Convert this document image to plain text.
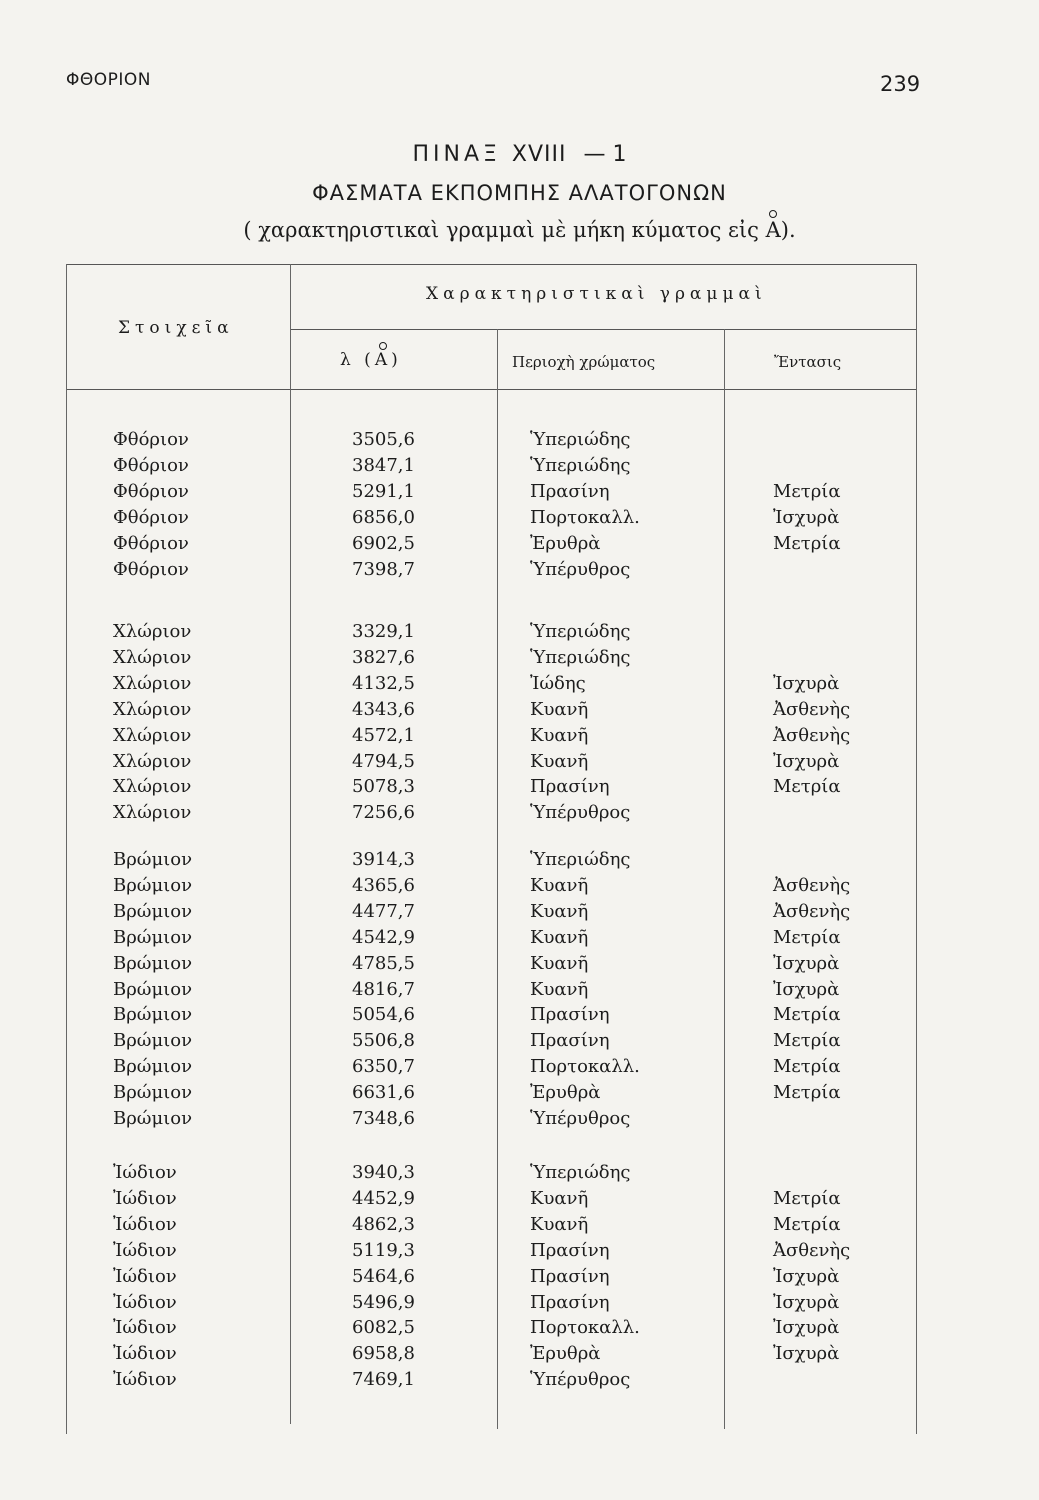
ΦΘΟΡΙΟΝ	239
ΠΙΝΑΞ XVIII — 1
ΦΑΣΜΑΤΑ ΕΚΠΟΜΠΗΣ ΑΛΑΤΟΓΟΝΩΝ
( χαρακτηριστικαὶ γραμμαὶ μὲ μήκη κύματος εἰς A).
Στοιχεῖα
Χαρακτηριστικαὶ γραμμαὶ
λ (A)	Περιοχὴ χρώματος	Ἔντασις
Φθόριον	3505,6	Ὑπεριώδης
Φθόριον	3847,1	Ὑπεριώδης
Φθόριον	5291,1	Πρασίνη	Μετρία
Φθόριον	6856,0	Πορτοκαλλ.	Ἰσχυρὰ
Φθόριον	6902,5	Ἐρυθρὰ	Μετρία
Φθόριον	7398,7	Ὑπέρυθρος
Χλώριον	3329,1	Ὑπεριώδης
Χλώριον	3827,6	Ὑπεριώδης
Χλώριον	4132,5	Ἰώδης	Ἰσχυρὰ
Χλώριον	4343,6	Κυανῆ	Ἀσθενὴς
Χλώριον	4572,1	Κυανῆ	Ἀσθενὴς
Χλώριον	4794,5	Κυανῆ	Ἰσχυρὰ
Χλώριον	5078,3	Πρασίνη	Μετρία
Χλώριον	7256,6	Ὑπέρυθρος
Βρώμιον	3914,3	Ὑπεριώδης
Βρώμιον	4365,6	Κυανῆ	Ἀσθενὴς
Βρώμιον	4477,7	Κυανῆ	Ἀσθενὴς
Βρώμιον	4542,9	Κυανῆ	Μετρία
Βρώμιον	4785,5	Κυανῆ	Ἰσχυρὰ
Βρώμιον	4816,7	Κυανῆ	Ἰσχυρὰ
Βρώμιον	5054,6	Πρασίνη	Μετρία
Βρώμιον	5506,8	Πρασίνη	Μετρία
Βρώμιον	6350,7	Πορτοκαλλ.	Μετρία
Βρώμιον	6631,6	Ἐρυθρὰ	Μετρία
Βρώμιον	7348,6	Ὑπέρυθρος
Ἰώδιον	3940,3	Ὑπεριώδης
Ἰώδιον	4452,9	Κυανῆ	Μετρία
Ἰώδιον	4862,3	Κυανῆ	Μετρία
Ἰώδιον	5119,3	Πρασίνη	Ἀσθενὴς
Ἰώδιον	5464,6	Πρασίνη	Ἰσχυρὰ
Ἰώδιον	5496,9	Πρασίνη	Ἰσχυρὰ
Ἰώδιον	6082,5	Πορτοκαλλ.	Ἰσχυρὰ
Ἰώδιον	6958,8	Ἐρυθρὰ	Ἰσχυρὰ
Ἰώδιον	7469,1	Ὑπέρυθρος
